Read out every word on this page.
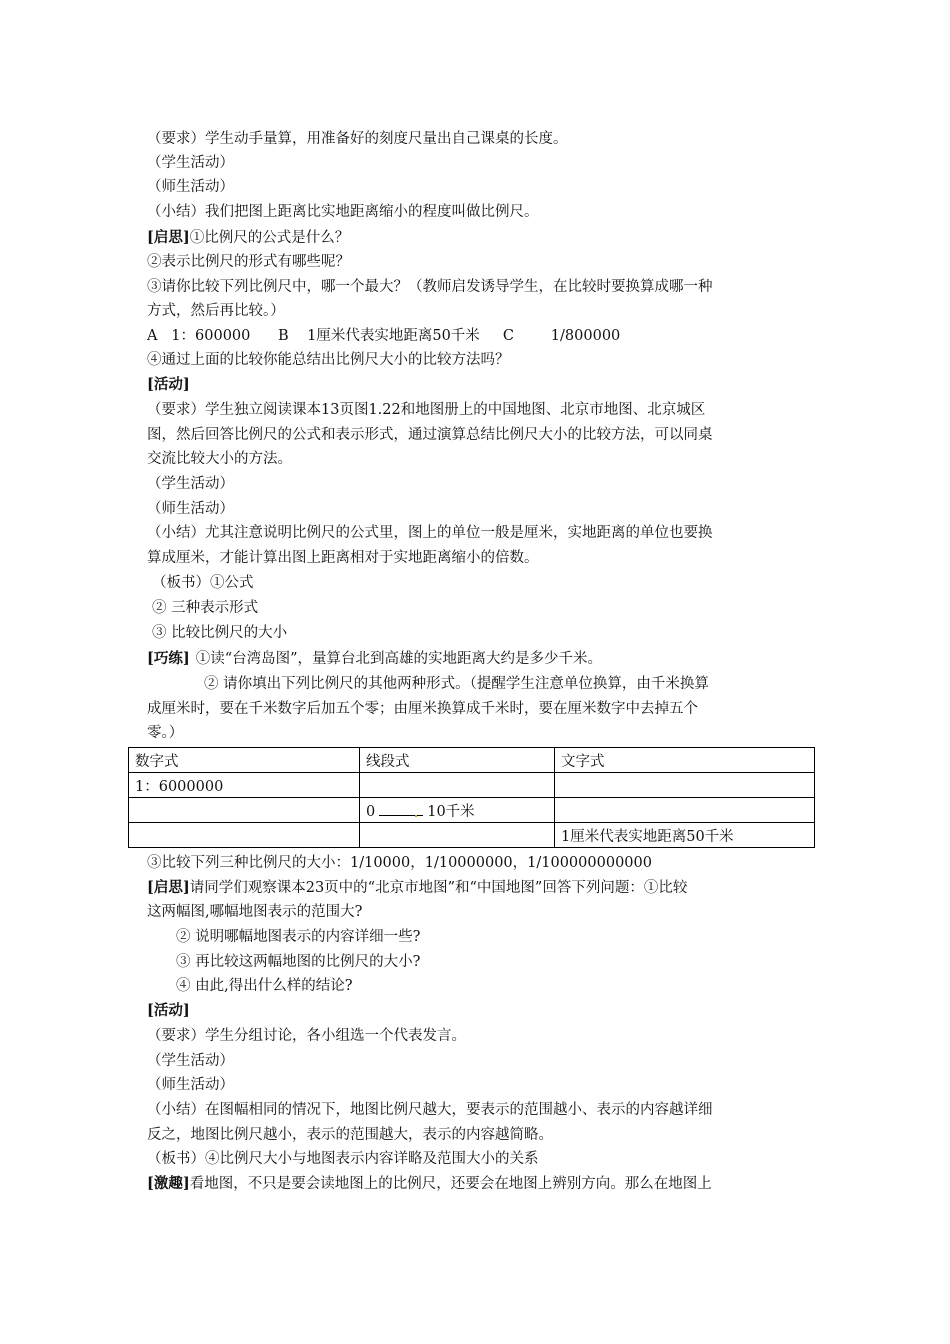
（要求）学生动手量算，用准备好的刻度尺量出自己课桌的长度。
（学生活动）
（师生活动）
（小结）我们把图上距离比实地距离缩小的程度叫做比例尺。
[启思]①比例尺的公式是什么？
②表示比例尺的形式有哪些呢？
③请你比较下列比例尺中，哪一个最大？（教师启发诱导学生，在比较时要换算成哪一种
方式，然后再比较。）
A   1：600000      B    1厘米代表实地距离50千米     C        1/800000
④通过上面的比较你能总结出比例尺大小的比较方法吗？
[活动]
（要求）学生独立阅读课本13页图1.22和地图册上的中国地图、北京市地图、北京城区
图，然后回答比例尺的公式和表示形式，通过演算总结比例尺大小的比较方法，可以同桌
交流比较大小的方法。
（学生活动）
（师生活动）
（小结）尤其注意说明比例尺的公式里，图上的单位一般是厘米，实地距离的单位也要换
算成厘米，才能计算出图上距离相对于实地距离缩小的倍数。
（板书）①公式
② 三种表示形式
③ 比较比例尺的大小
[巧练] ①读“台湾岛图”，量算台北到高雄的实地距离大约是多少千米。
② 请你填出下列比例尺的其他两种形式。（提醒学生注意单位换算，由千米换算
成厘米时，要在千米数字后加五个零；由厘米换算成千米时，要在厘米数字中去掉五个
零。）
数字式	线段式	文字式
1：6000000		
	0 10千米	
		1厘米代表实地距离50千米
③比较下列三种比例尺的大小：1/10000，1/10000000，1/100000000000
[启思]请同学们观察课本23页中的“北京市地图”和“中国地图”回答下列问题：①比较
这两幅图,哪幅地图表示的范围大?
② 说明哪幅地图表示的内容详细一些?
③ 再比较这两幅地图的比例尺的大小?
④ 由此,得出什么样的结论?
[活动]
（要求）学生分组讨论，各小组选一个代表发言。
（学生活动）
（师生活动）
（小结）在图幅相同的情况下，地图比例尺越大，要表示的范围越小、表示的内容越详细
反之，地图比例尺越小，表示的范围越大，表示的内容越简略。
（板书）④比例尺大小与地图表示内容详略及范围大小的关系
[激趣]看地图，不只是要会读地图上的比例尺，还要会在地图上辨别方向。那么在地图上
